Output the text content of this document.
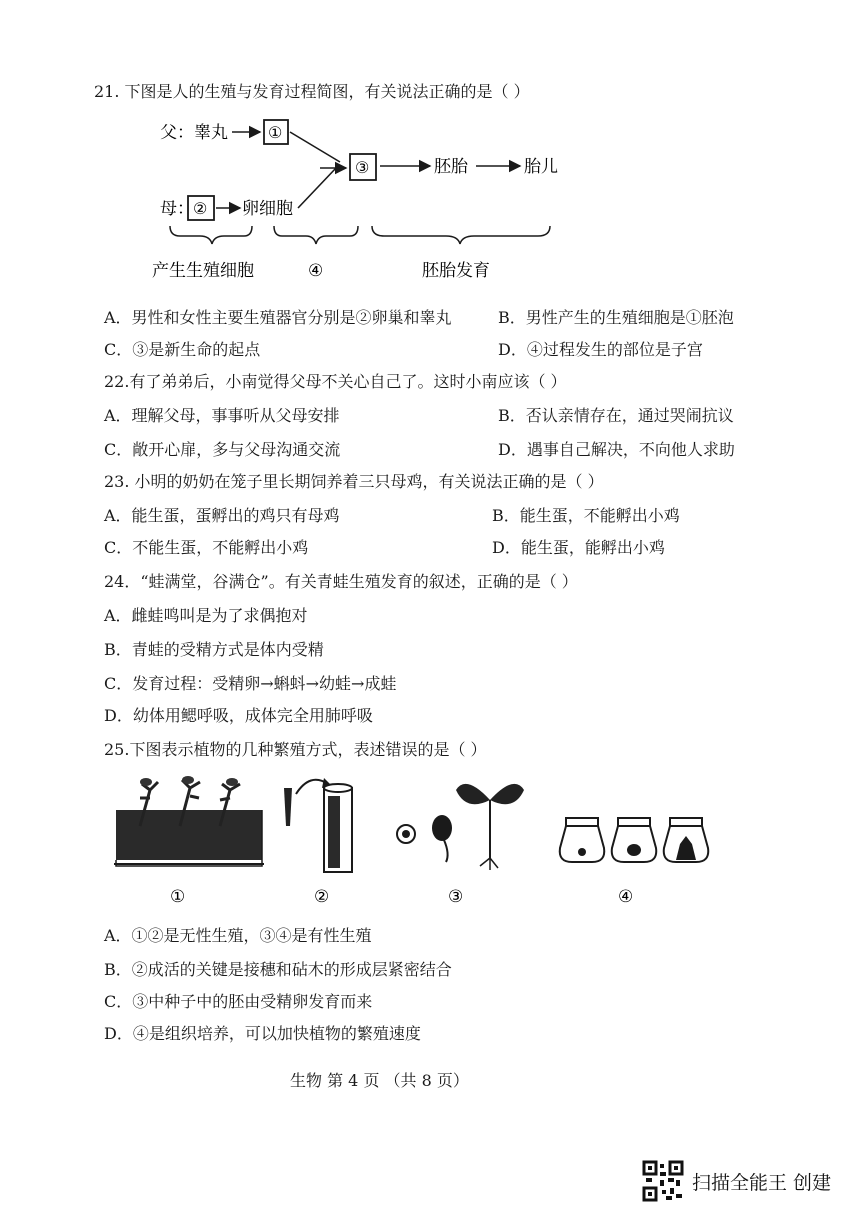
21. 下图是人的生殖与发育过程简图，有关说法正确的是（ ）
父：睾丸	①
③	胚胎	胎儿
母： ② 卵细胞
产生生殖细胞	④	胚胎发育
A．男性和女性主要生殖器官分别是②卵巢和睾丸	B．男性产生的生殖细胞是①胚泡
C．③是新生命的起点	D．④过程发生的部位是子宫
22.有了弟弟后，小南觉得父母不关心自己了。这时小南应该（ ）
A．理解父母，事事听从父母安排	B．否认亲情存在，通过哭闹抗议
C．敞开心扉，多与父母沟通交流	D．遇事自己解决，不向他人求助
23. 小明的奶奶在笼子里长期饲养着三只母鸡，有关说法正确的是（ ）
A．能生蛋，蛋孵出的鸡只有母鸡	B．能生蛋，不能孵出小鸡
C．不能生蛋，不能孵出小鸡	D．能生蛋，能孵出小鸡
24．“蛙满堂，谷满仓”。有关青蛙生殖发育的叙述，正确的是（ ）
A．雌蛙鸣叫是为了求偶抱对
B．青蛙的受精方式是体内受精
C．发育过程：受精卵→蝌蚪→幼蛙→成蛙
D．幼体用鳃呼吸，成体完全用肺呼吸
25.下图表示植物的几种繁殖方式，表述错误的是（ ）
①	②	③	④
A．①②是无性生殖，③④是有性生殖
B．②成活的关键是接穗和砧木的形成层紧密结合
C．③中种子中的胚由受精卵发育而来
D．④是组织培养，可以加快植物的繁殖速度
生物 第 4 页 （共 8 页）
扫描全能王 创建
